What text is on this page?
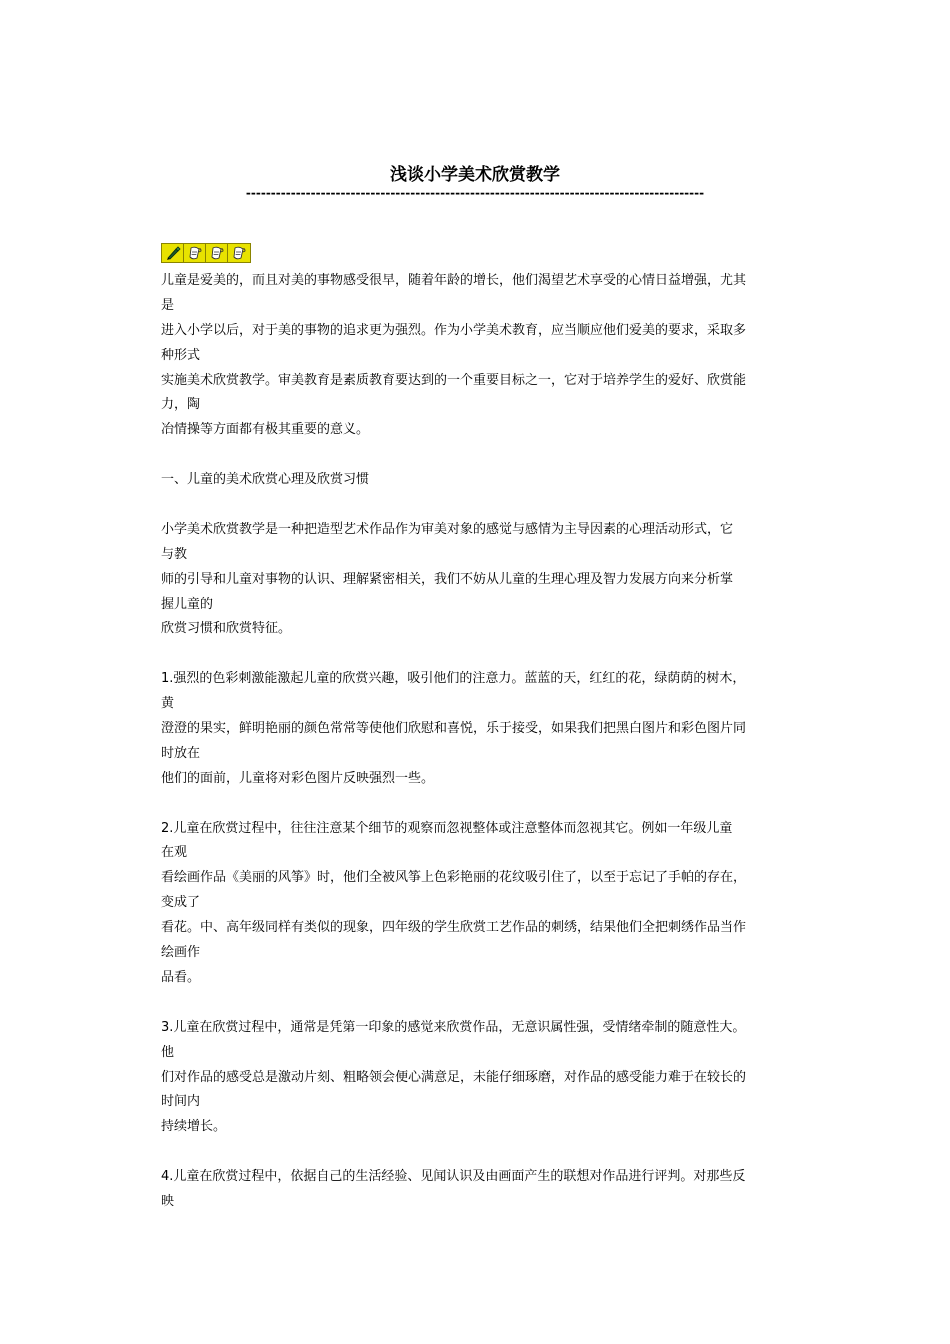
浅谈小学美术欣赏教学
--------------------------------------------------------------------------------------------
儿童是爱美的，而且对美的事物感受很早，随着年龄的增长，他们渴望艺术享受的心情日益增强，尤其
是
进入小学以后，对于美的事物的追求更为强烈。作为小学美术教育，应当顺应他们爱美的要求，采取多
种形式
实施美术欣赏教学。审美教育是素质教育要达到的一个重要目标之一，它对于培养学生的爱好、欣赏能
力，陶
冶情操等方面都有极其重要的意义。
一、儿童的美术欣赏心理及欣赏习惯
小学美术欣赏教学是一种把造型艺术作品作为审美对象的感觉与感情为主导因素的心理活动形式，它
与教
师的引导和儿童对事物的认识、理解紧密相关，我们不妨从儿童的生理心理及智力发展方向来分析掌
握儿童的
欣赏习惯和欣赏特征。
1.强烈的色彩刺激能激起儿童的欣赏兴趣，吸引他们的注意力。蓝蓝的天，红红的花，绿荫荫的树木，
黄
澄澄的果实，鲜明艳丽的颜色常常等使他们欣慰和喜悦，乐于接受，如果我们把黑白图片和彩色图片同
时放在
他们的面前，儿童将对彩色图片反映强烈一些。
2.儿童在欣赏过程中，往往注意某个细节的观察而忽视整体或注意整体而忽视其它。例如一年级儿童
在观
看绘画作品《美丽的风筝》时，他们全被风筝上色彩艳丽的花纹吸引住了，以至于忘记了手帕的存在，
变成了
看花。中、高年级同样有类似的现象，四年级的学生欣赏工艺作品的刺绣，结果他们全把刺绣作品当作
绘画作
品看。
3.儿童在欣赏过程中，通常是凭第一印象的感觉来欣赏作品，无意识属性强，受情绪牵制的随意性大。
他
们对作品的感受总是激动片刻、粗略领会便心满意足，未能仔细琢磨，对作品的感受能力难于在较长的
时间内
持续增长。
4.儿童在欣赏过程中，依据自己的生活经验、见闻认识及由画面产生的联想对作品进行评判。对那些反
映
